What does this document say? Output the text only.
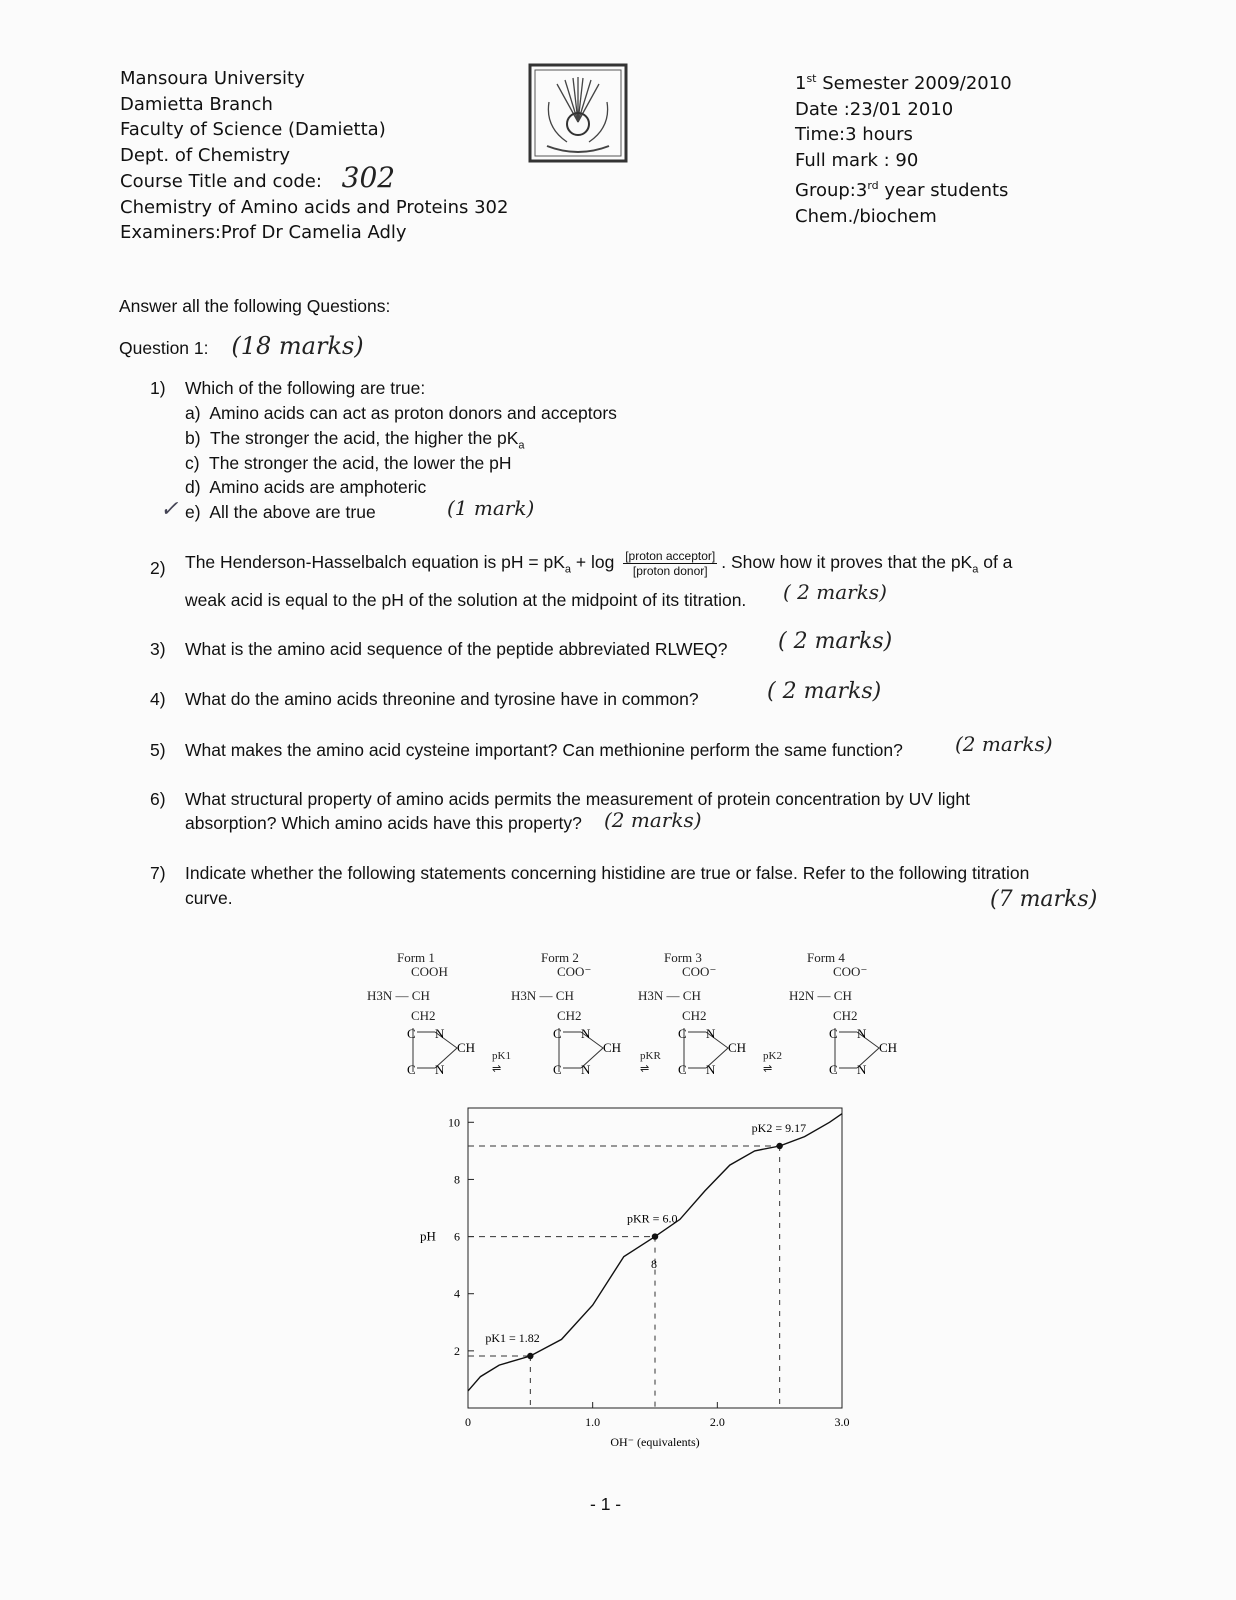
Mansoura University
Damietta Branch
Faculty of Science (Damietta)
Dept. of Chemistry
Course Title and code: 302
Chemistry of Amino acids and Proteins 302
Examiners:Prof Dr Camelia Adly
1st Semester 2009/2010
Date :23/01 2010
Time:3 hours
Full mark : 90
Group:3rd year students
Chem./biochem
Answer all the following Questions:
Question 1: (18 marks)
1) Which of the following are true:
a) Amino acids can act as proton donors and acceptors
b) The stronger the acid, the higher the $pK_a$
c) The stronger the acid, the lower the pH
d) Amino acids are amphoteric
e) All the above are true
✓	(1 mark)
2) The Henderson-Hasselbalch equation is pH = $pK_a + \log \frac{\text{[proton acceptor]}}{\text{[proton donor]}}$ . Show how it proves that the $pK_a$ of a
weak acid is equal to the pH of the solution at the midpoint of its titration. ( 2 marks)
3) What is the amino acid sequence of the peptide abbreviated RLWEQ? ( 2 marks)
4) What do the amino acids threonine and tyrosine have in common?	( 2 marks)
5) What makes the amino acid cysteine important? Can methionine perform the same function?	(2 marks)
6) What structural property of amino acids permits the measurement of protein concentration by UV light
absorption? Which amino acids have this property? (2 marks)
7) Indicate whether the following statements concerning histidine are true or false. Refer to the following titration
curve.	(7 marks)
Form 1
COOH
H3N — CH
CH2
C N
CH
C N
Form 2
COO⁻
H3N — CH
CH2
C N
CH
C N
Form 3
COO⁻
H3N — CH
CH2
C N
CH
C N
Form 4
COO⁻
H2N — CH
CH2
C N
CH
C N
pK1
⇌
pKR
⇌
pK2
⇌
2
4
6
8
10
0	1.0	2.0	3.0
pH
OH⁻ (equivalents)
pK1 = 1.82
pKR = 6.0
pK2 = 9.17
8
- 1 -
